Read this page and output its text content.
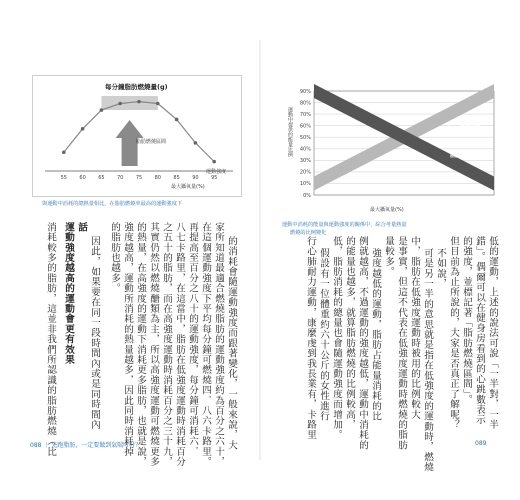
55 60 65 70 75 80 85 90 95
每分鐘脂肪燃燒量(g)
脂肪燃燒區間
運動強度
最大攝氧量(%)
與運動中消耗的總熱量相比，在脂肪燃燒率最高的運動強度下
的消耗會隨運動強度而跟著變化，一般來說，大
家所知道最適合燃燒脂肪的運動強度約為百分之六十，
在這個運動強度下平均每分鐘可燃燒四．八六卡路里。
再提高至百分之八十的運動強度，每分鐘可消耗六．
八七卡路里，在這當中，脂肪在低強度運動時消耗百分
之五十的脂肪，而在高強度運動時消耗百分之三十九，
其實仍然以燃燒醣類為主，所以高強度運動可燃燒更多
的熱量，在高強度的運動下消耗更多脂肪，也就是說，
強度越高，運動所消耗的熱量越多，因此同時消耗掉
的脂肪也越多。
因此，如果要在同一段時間內或是同時間內
話
運動強度越高的運動會更有效果
消耗較多的脂肪，這並非我們所認識的脂肪燃燒（比
088 ｜ 先跑脂肪，一定要做到氣喘吁吁？
90%
80%
70%
60%
50%
40%
30%
20%
10%
0%
運動中提供的能量比例
最大攝氧量(%)
醣類燃燒
脂肪燃燒
運動中消耗的能量與運動強度的關係中，綜合考量熱量
燃燒的比例變化
低的運動，上述的說法可說「一半對，一半
錯」。偶爾可以在健身房看到的心跳數表示
的強度，並標記著「脂肪燃燒區間」。
但目前為止所說的，大家是否真正了解呢？
不如說，
可是另一半的意思就是指在低強度的運動時，燃燒
中，脂肪在低強度運動時被用的比例較大
是事實，但這不代表在低強度運動時燃燒的脂肪
量較多。
強度越低的運動，脂肪占能量消耗的比
例就越高，不過運動的強度越低，運動中消耗的
的能量也越多，就算脂肪燃燒的比例較高，
低，脂肪消耗的總量也會隨運動強度而增加。
假設有一位體重約六十公斤的女性進行
行心肺耐力運動，康麼虔到我長業有，卡路里
089
